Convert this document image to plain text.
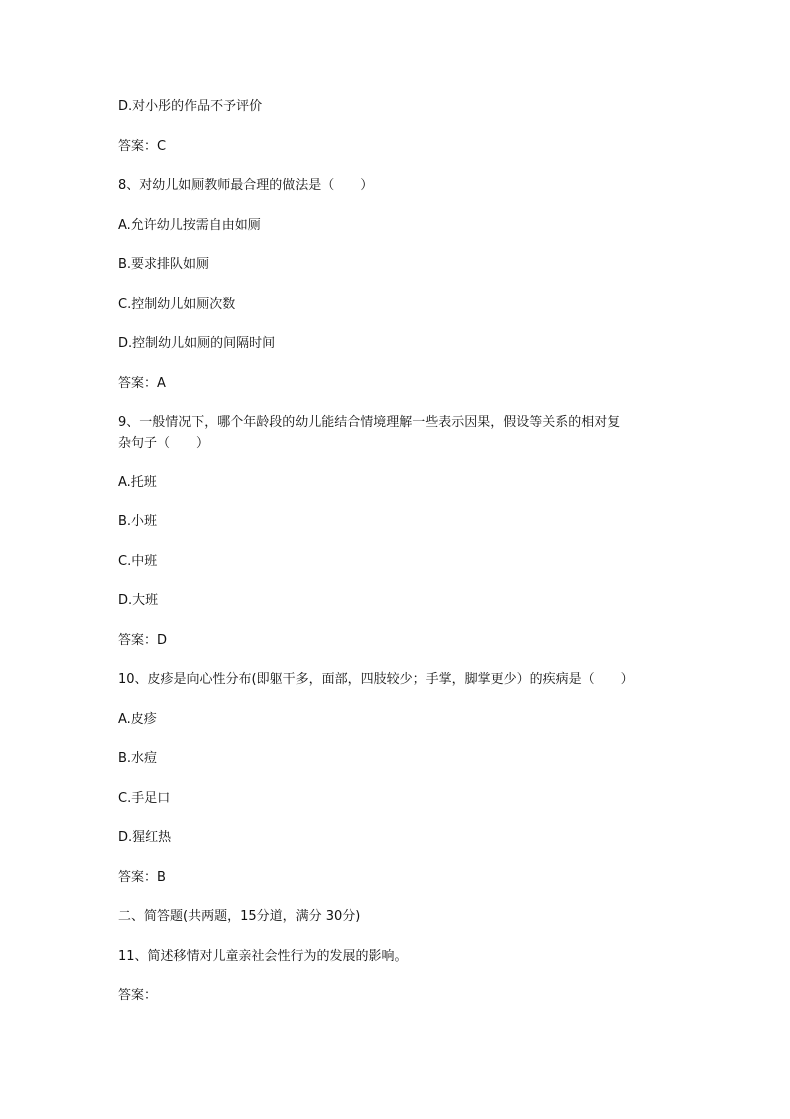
D.对小彤的作品不予评价
答案：C
8、对幼儿如厕教师最合理的做法是（　　）
A.允许幼儿按需自由如厕
B.要求排队如厕
C.控制幼儿如厕次数
D.控制幼儿如厕的间隔时间
答案：A
9、一般情况下，哪个年龄段的幼儿能结合情境理解一些表示因果，假设等关系的相对复
杂句子（　　）
A.托班
B.小班
C.中班
D.大班
答案：D
10、皮疹是向心性分布(即躯干多，面部，四肢较少；手掌，脚掌更少）的疾病是（　　）
A.皮疹
B.水痘
C.手足口
D.猩红热
答案：B
二、简答题(共两题，15分道，满分 30分)
11、简述移情对儿童亲社会性行为的发展的影响。
答案：
